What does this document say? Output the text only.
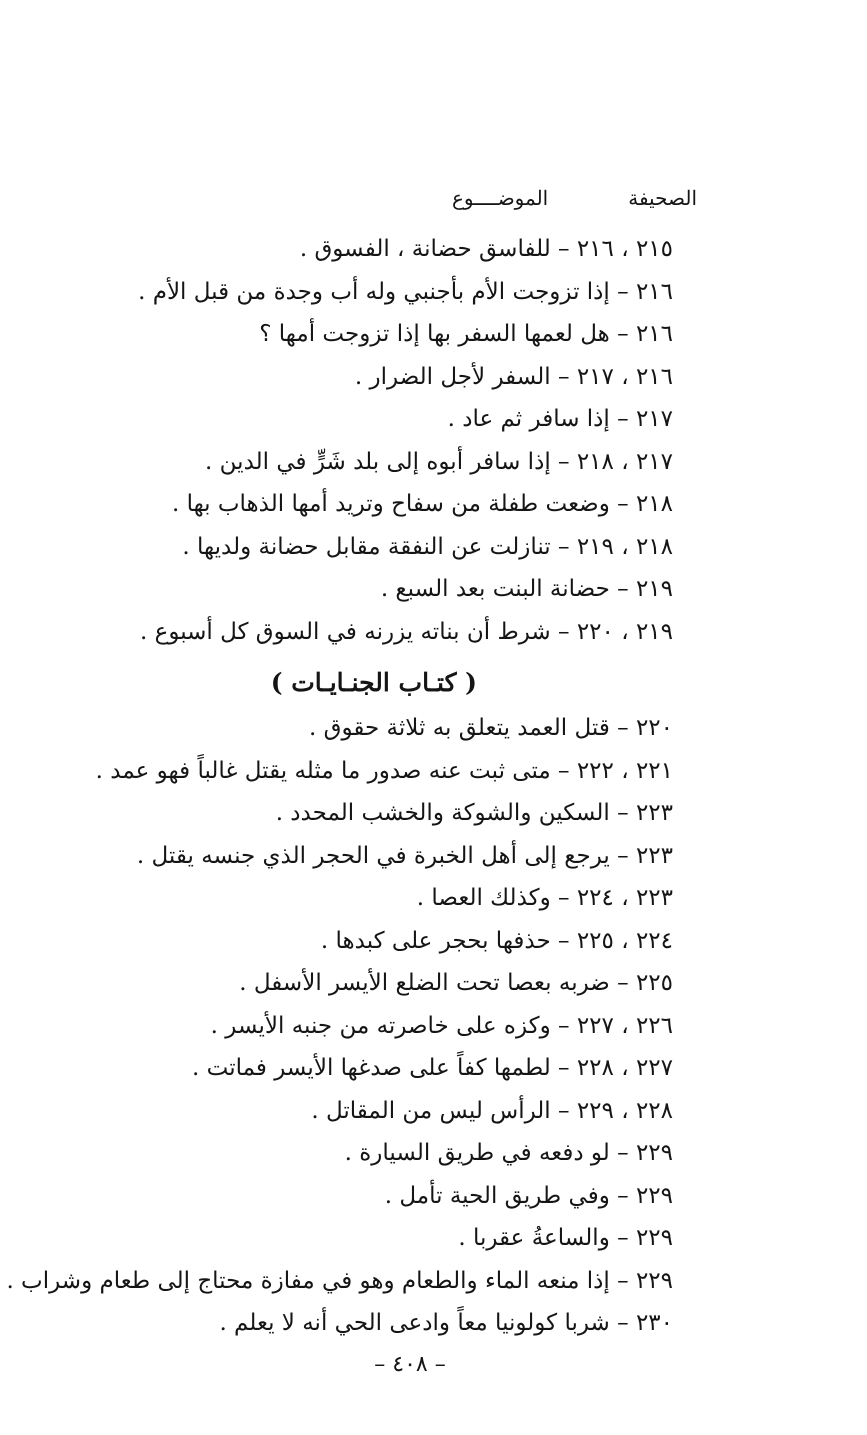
الصحيفة
الموضــــوع
٢١٥ ، ٢١٦ – للفاسق حضانة ، الفسوق .
٢١٦ – إذا تزوجت الأم بأجنبي وله أب وجدة من قبل الأم .
٢١٦ – هل لعمها السفر بها إذا تزوجت أمها ؟
٢١٦ ، ٢١٧ – السفر لأجل الضرار .
٢١٧ – إذا سافر ثم عاد .
٢١٧ ، ٢١٨ – إذا سافر أبوه إلى بلد شَرٍّ في الدين .
٢١٨ – وضعت طفلة من سفاح وتريد أمها الذهاب بها .
٢١٨ ، ٢١٩ – تنازلت عن النفقة مقابل حضانة ولديها .
٢١٩ – حضانة البنت بعد السبع .
٢١٩ ، ٢٢٠ – شرط أن بناته يزرنه في السوق كل أسبوع .
( كتـاب الجنـايـات )
٢٢٠ – قتل العمد يتعلق به ثلاثة حقوق .
٢٢١ ، ٢٢٢ – متى ثبت عنه صدور ما مثله يقتل غالباً فهو عمد .
٢٢٣ – السكين والشوكة والخشب المحدد .
٢٢٣ – يرجع إلى أهل الخبرة في الحجر الذي جنسه يقتل .
٢٢٣ ، ٢٢٤ – وكذلك العصا .
٢٢٤ ، ٢٢٥ – حذفها بحجر على كبدها .
٢٢٥ – ضربه بعصا تحت الضلع الأيسر الأسفل .
٢٢٦ ، ٢٢٧ – وكزه على خاصرته من جنبه الأيسر .
٢٢٧ ، ٢٢٨ – لطمها كفاً على صدغها الأيسر فماتت .
٢٢٨ ، ٢٢٩ – الرأس ليس من المقاتل .
٢٢٩ – لو دفعه في طريق السيارة .
٢٢٩ – وفي طريق الحية تأمل .
٢٢٩ – والساعةُ عقربا .
٢٢٩ – إذا منعه الماء والطعام وهو في مفازة محتاج إلى طعام وشراب .
٢٣٠ – شربا كولونيا معاً وادعى الحي أنه لا يعلم .
– ٤٠٨ –
